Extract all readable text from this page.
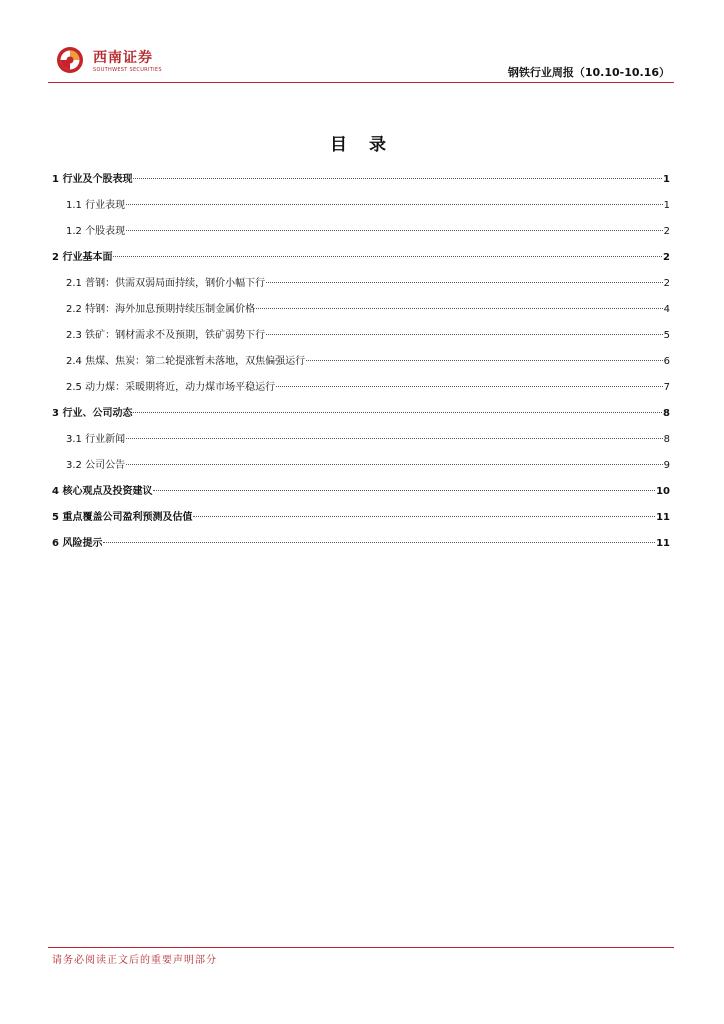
西南证券
SOUTHWEST SECURITIES	钢铁行业周报（10.10-10.16）
目 录
1 行业及个股表现	1
1.1 行业表现	1
1.2 个股表现	2
2 行业基本面	2
2.1 普钢：供需双弱局面持续，钢价小幅下行	2
2.2 特钢：海外加息预期持续压制金属价格	4
2.3 铁矿：钢材需求不及预期，铁矿弱势下行	5
2.4 焦煤、焦炭：第二轮提涨暂未落地，双焦偏强运行	6
2.5 动力煤：采暖期将近，动力煤市场平稳运行	7
3 行业、公司动态	8
3.1 行业新闻	8
3.2 公司公告	9
4 核心观点及投资建议	10
5 重点覆盖公司盈利预测及估值	11
6 风险提示	11
请务必阅读正文后的重要声明部分
